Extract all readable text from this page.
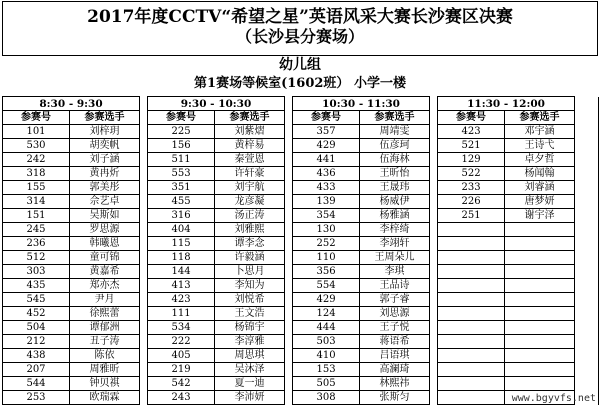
2017年度CCTV“希望之星”英语风采大赛长沙赛区决赛
（长沙县分赛场）
幼儿组
第1赛场等候室(1602班） 小学一楼
8:30 - 9:30			9:30 - 10:30			10:30 - 11:30			11:30 - 12:00		
参赛号	参赛选手		参赛号	参赛选手		参赛号	参赛选手		参赛号	参赛选手	
101	刘梓玥		225	刘紫熠		357	周靖雯		423	邓宇涵	
530	胡奕帆		156	黄梓易		429	伍彦珂		521	王诗弋	
242	刘子涵		511	秦萱恩		441	伍海林		129	卓夕哲	
318	黄冉炘		553	许轩豪		436	王昕怡		522	杨闻翰	
155	郭美彤		351	刘宇航		433	王晟玮		233	刘睿涵	
314	佘艺卓		455	龙彦凝		139	杨威伊		226	唐梦妍	
151	吴斯如		316	汤正涛		354	杨雅涵		251	谢宇泽	
245	罗思源		404	刘雅熙		130	李梓绮				
236	韩曦恩		115	谭李念		252	李翊轩				
512	童可锦		118	许毅涵		110	王周朵儿				
303	黄嘉希		144	卜思月		356	李琪				
435	郑亦杰		413	李知为		554	王品诗				
545	尹月		423	刘悦希		429	郭子睿				
452	徐熙蕾		111	王文浩		124	刘思源				
504	谭郁洲		534	杨锦宇		444	王子悦				
212	丑子涛		222	李淳雅		503	蒋语希				
438	陈依		405	周思琪		410	吕语琪				
207	周雅昕		219	吴沐泽		153	高澜琦				
544	钟贝祺		542	夏一迪		505	林熙祎				
253	欧瑞霖		243	李沛妍		308	张斯匀					www.bgyvfs.net
